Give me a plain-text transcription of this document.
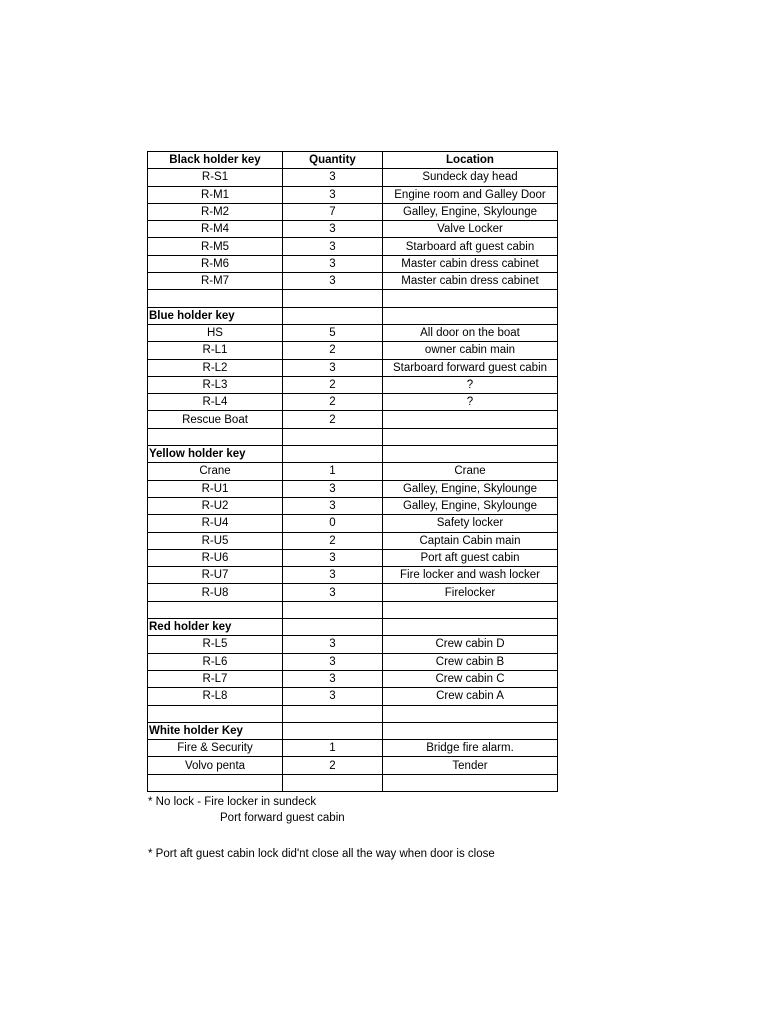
Black holder key	Quantity	Location
R-S1	3	Sundeck day head
R-M1	3	Engine room and Galley Door
R-M2	7	Galley, Engine, Skylounge
R-M4	3	Valve Locker
R-M5	3	Starboard aft guest cabin
R-M6	3	Master cabin dress cabinet
R-M7	3	Master cabin dress cabinet

Blue holder key		
HS	5	All door on the boat
R-L1	2	owner cabin main
R-L2	3	Starboard forward guest cabin
R-L3	2	?
R-L4	2	?
Rescue Boat	2	

Yellow holder key		
Crane	1	Crane
R-U1	3	Galley, Engine, Skylounge
R-U2	3	Galley, Engine, Skylounge
R-U4	0	Safety locker
R-U5	2	Captain Cabin main
R-U6	3	Port aft guest cabin
R-U7	3	Fire locker and wash locker
R-U8	3	Firelocker

Red holder key		
R-L5	3	Crew cabin D
R-L6	3	Crew cabin B
R-L7	3	Crew cabin C
R-L8	3	Crew cabin A

White holder Key		
Fire & Security	1	Bridge fire alarm.
Volvo penta	2	Tender

* No lock - Fire locker in sundeck
Port forward guest cabin
* Port aft guest cabin lock did'nt close all the way when door is close
